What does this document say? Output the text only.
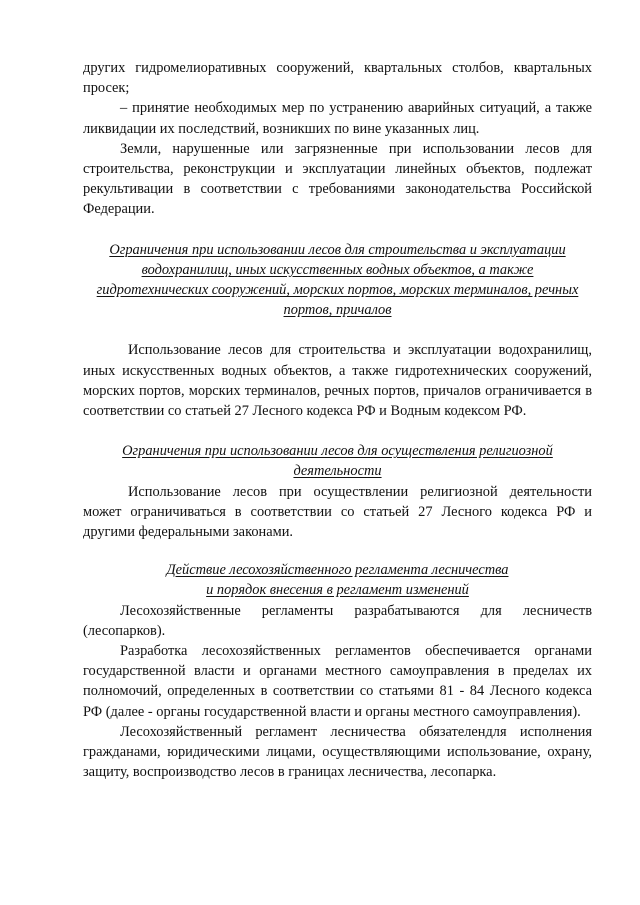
других гидромелиоративных сооружений, квартальных столбов, квартальных просек;

– принятие необходимых мер по устранению аварийных ситуаций, а также ликвидации их последствий, возникших по вине указанных лиц.

Земли, нарушенные или загрязненные при использовании лесов для строительства, реконструкции и эксплуатации линейных объектов, подлежат рекультивации в соответствии с требованиями законодательства Российской Федерации.

Ограничения при использовании лесов для строительства и эксплуатации
водохранилищ, иных искусственных водных объектов, а также
гидротехнических сооружений, морских портов, морских терминалов, речных
портов, причалов

Использование лесов для строительства и эксплуатации водохранилищ, иных искусственных водных объектов, а также гидротехнических сооружений, морских портов, морских терминалов, речных портов, причалов ограничивается в соответствии со статьей 27 Лесного кодекса РФ и Водным кодексом РФ.

Ограничения при использовании лесов для осуществления религиозной
деятельности

Использование лесов при осуществлении религиозной деятельности может ограничиваться в соответствии со статьей 27 Лесного кодекса РФ и другими федеральными законами.

Действие лесохозяйственного регламента лесничества
и порядок внесения в регламент изменений

Лесохозяйственные регламенты разрабатываются для лесничеств (лесопарков).

Разработка лесохозяйственных регламентов обеспечивается органами государственной власти и органами местного самоуправления в пределах их полномочий, определенных в соответствии со статьями 81 - 84 Лесного кодекса РФ (далее - органы государственной власти и органы местного самоуправления).

Лесохозяйственный регламент лесничества обязателендля исполнения гражданами, юридическими лицами, осуществляющими использование, охрану, защиту, воспроизводство лесов в границах лесничества, лесопарка.
